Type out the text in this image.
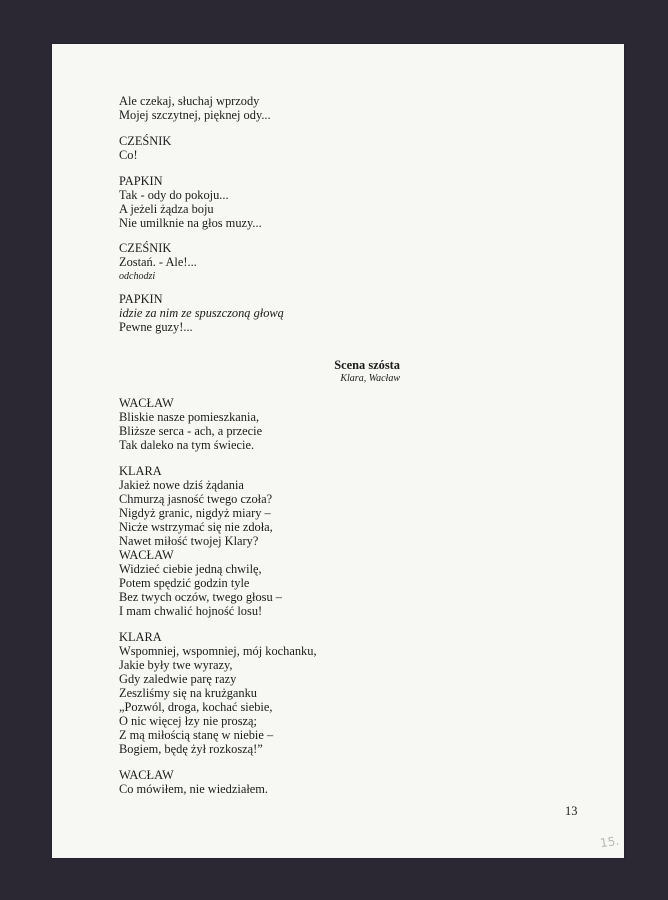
Ale czekaj, słuchaj wprzody
Mojej szczytnej, pięknej ody...
CZEŚNIK
Co!
PAPKIN
Tak - ody do pokoju...
A jeżeli żądza boju
Nie umilknie na głos muzy...
CZEŚNIK
Zostań. - Ale!...
odchodzi
PAPKIN
idzie za nim ze spuszczoną głową
Pewne guzy!...
WACŁAW
Bliskie nasze pomieszkania,
Bliższe serca - ach, a przecie
Tak daleko na tym świecie.
KLARA
Jakież nowe dziś żądania
Chmurzą jasność twego czoła?
Nigdyż granic, nigdyż miary –
Nicże wstrzymać się nie zdoła,
Nawet miłość twojej Klary?
WACŁAW
Widzieć ciebie jedną chwilę,
Potem spędzić godzin tyle
Bez twych oczów, twego głosu –
I mam chwalić hojność losu!
KLARA
Wspomniej, wspomniej, mój kochanku,
Jakie były twe wyrazy,
Gdy zaledwie parę razy
Zeszliśmy się na krużganku
„Pozwól, droga, kochać siebie,
O nic więcej łzy nie proszą;
Z mą miłością stanę w niebie –
Bogiem, będę żył rozkoszą!”
WACŁAW
Co mówiłem, nie wiedziałem.
Scena szósta
Klara, Wacław
13
15.
